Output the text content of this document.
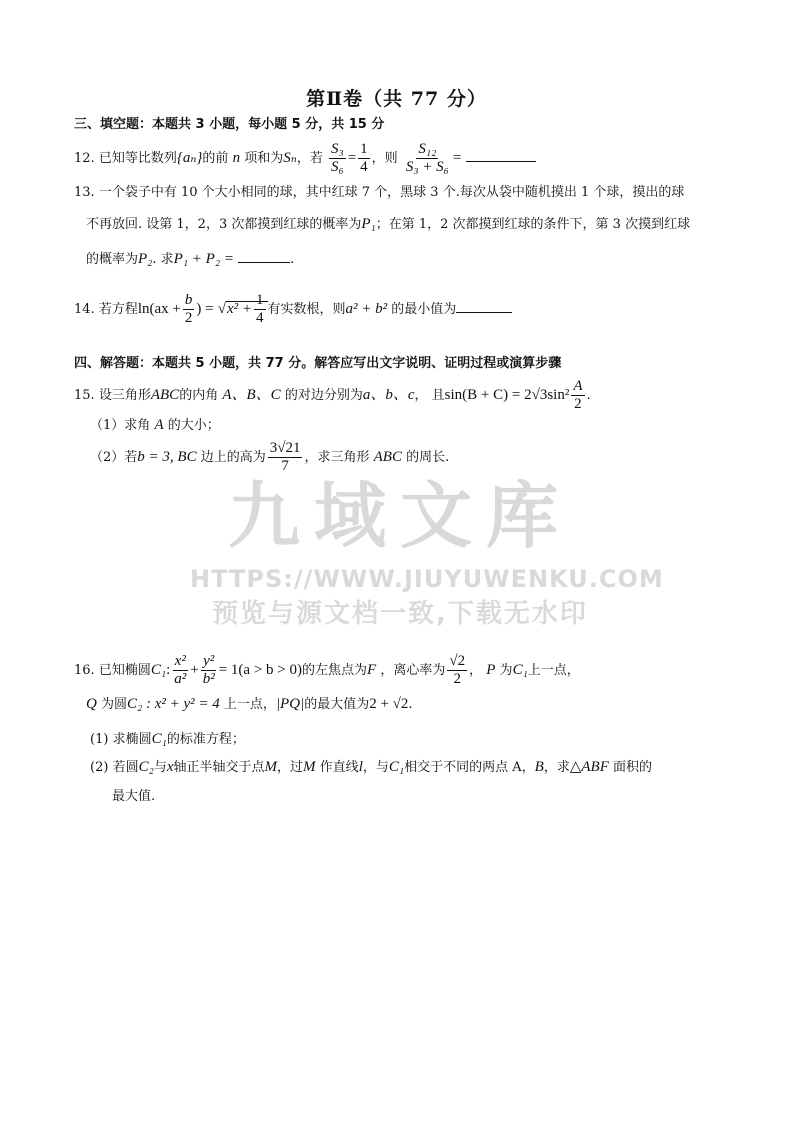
第Ⅱ卷（共 77 分）
三、填空题：本题共 3 小题，每小题 5 分，共 15 分
12. 已知等比数列{aₙ}的前 n 项和为Sₙ，若 $\frac{\text{S₃}}{\text{S₆}} = \frac{1}{4}$ ，则 $\frac{\text{S₁₂}}{\text{S₃ + S₆}}$ =
13. 一个袋子中有 10 个大小相同的球，其中红球 7 个，黑球 3 个.每次从袋中随机摸出 1 个球，摸出的球
不再放回. 设第 1，2，3 次都摸到红球的概率为P₁；在第 1，2 次都摸到红球的条件下，第 3 次摸到红球
的概率为P₂. 求P₁ + P₂ =	.
14. 若方程$\ln(ax + \frac{b}{2}$ ) = $√x^2 + \frac{1}{4}$ 有实数根，则a² + b² 的最小值为
四、解答题：本题共 5 小题，共 77 分。解答应写出文字说明、证明过程或演算步骤
15. 设三角形ABC的内角 A、B、C 的对边分别为a、b、c， 且$\sin(B + C) = 2√3\sin^2 \frac{A}{2}$ .
（1）求角 A 的大小；
（2）若b = 3, BC 边上的高为 $\frac{3√21}{7}$ ，求三角形 ABC 的周长.
九域文库
HTTPS://WWW.JIUYUWENKU.COM
预览与源文档一致,下载无水印
16. 已知椭圆C₁: $\frac{\text{x²}}{\text{a²}} + \frac{\text{y²}}{\text{b²}} = 1(a > b > 0)$的左焦点为F ，离心率为 $\frac{√2}{2}$ ， P 为C₁上一点，
Q 为圆C₂ : x² + y² = 4 上一点，|PQ|的最大值为2 + √2.
(1) 求椭圆C₁的标准方程；
(2) 若圆C₂与x轴正半轴交于点M，过M 作直线l，与C₁相交于不同的两点 A，B，求△ABF 面积的
最大值.
